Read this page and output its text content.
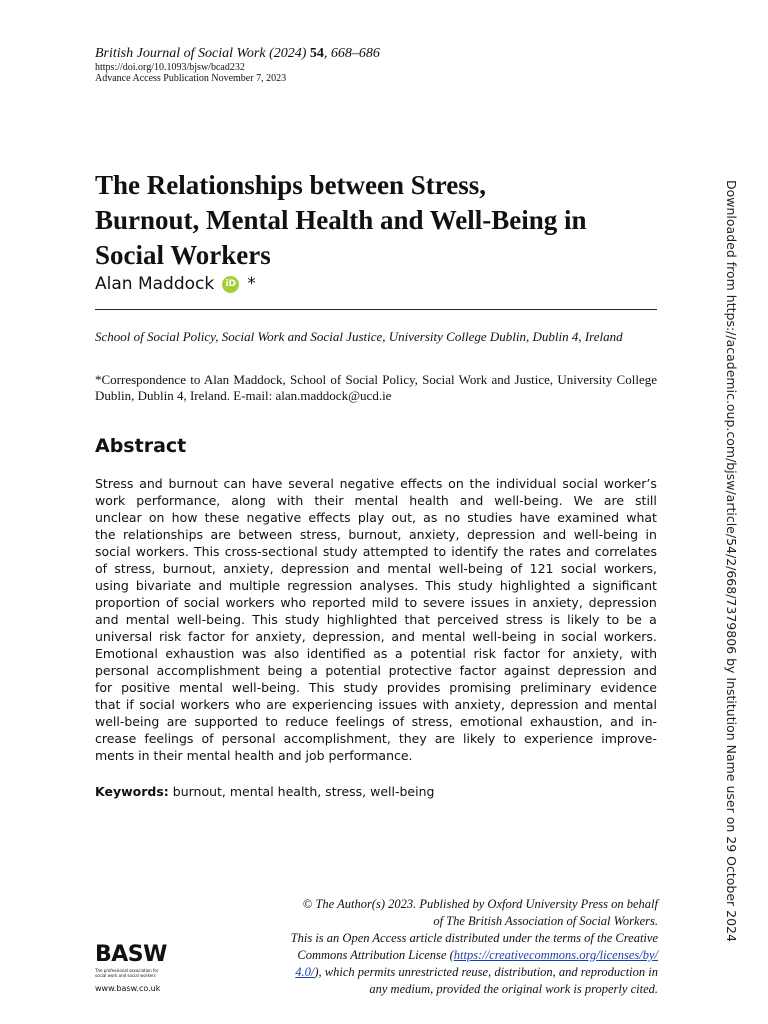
British Journal of Social Work (2024) 54, 668–686
https://doi.org/10.1093/bjsw/bcad232
Advance Access Publication November 7, 2023
The Relationships between Stress,
Burnout, Mental Health and Well-Being in
Social Workers
Alan Maddock	iD *
School of Social Policy, Social Work and Social Justice, University College Dublin, Dublin 4, Ireland
*Correspondence to Alan Maddock, School of Social Policy, Social Work and Justice, University College Dublin, Dublin 4, Ireland. E-mail: alan.maddock@ucd.ie
Abstract
Stress and burnout can have several negative effects on the individual social worker’s
work performance, along with their mental health and well-being. We are still
unclear on how these negative effects play out, as no studies have examined what
the relationships are between stress, burnout, anxiety, depression and well-being in
social workers. This cross-sectional study attempted to identify the rates and correlates
of stress, burnout, anxiety, depression and mental well-being of 121 social workers,
using bivariate and multiple regression analyses. This study highlighted a significant
proportion of social workers who reported mild to severe issues in anxiety, depression
and mental well-being. This study highlighted that perceived stress is likely to be a
universal risk factor for anxiety, depression, and mental well-being in social workers.
Emotional exhaustion was also identified as a potential risk factor for anxiety, with
personal accomplishment being a potential protective factor against depression and
for positive mental well-being. This study provides promising preliminary evidence
that if social workers who are experiencing issues with anxiety, depression and mental
well-being are supported to reduce feelings of stress, emotional exhaustion, and in-
crease feelings of personal accomplishment, they are likely to experience improve-
ments in their mental health and job performance.
Keywords: burnout, mental health, stress, well-being
© The Author(s) 2023. Published by Oxford University Press on behalf
of The British Association of Social Workers.
This is an Open Access article distributed under the terms of the Creative
Commons Attribution License (https://creativecommons.org/licenses/by/
4.0/), which permits unrestricted reuse, distribution, and reproduction in
any medium, provided the original work is properly cited.
BASW
The professional association for social work and social workers
www.basw.co.uk
Downloaded from https://academic.oup.com/bjsw/article/54/2/668/7379806 by Institution Name user on 29 October 2024
